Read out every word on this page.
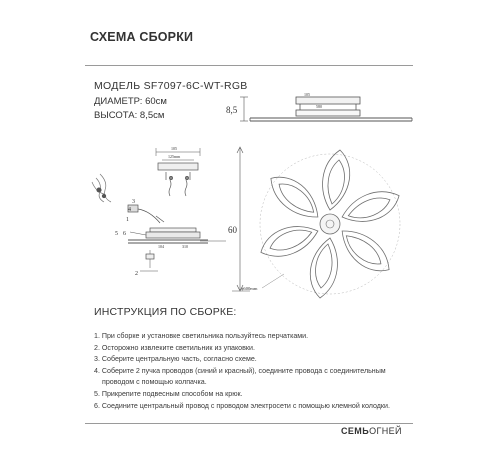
СХЕМА СБОРКИ
МОДЕЛЬ SF7097-6C-WT-RGB
ДИАМЕТР: 60см
ВЫСОТА: 8,5см	8,5	580
105
1
2
3
4
5 6
105
125mm
104	310
60
ϕ600mm
ИНСТРУКЦИЯ ПО СБОРКЕ:
1. При сборке и установке светильника пользуйтесь перчатками.
2. Осторожно извлеките светильник из упаковки.
3. Соберите центральную часть, согласно схеме.
4. Соберите 2 пучка проводов (синий и красный), соедините провода с соединительным
проводом с помощью колпачка.
5. Прикрепите подвесным способом на крюк.
6. Соедините центральный провод с проводом электросети с помощью клемной колодки.
СЕМЬОГНЕЙ
